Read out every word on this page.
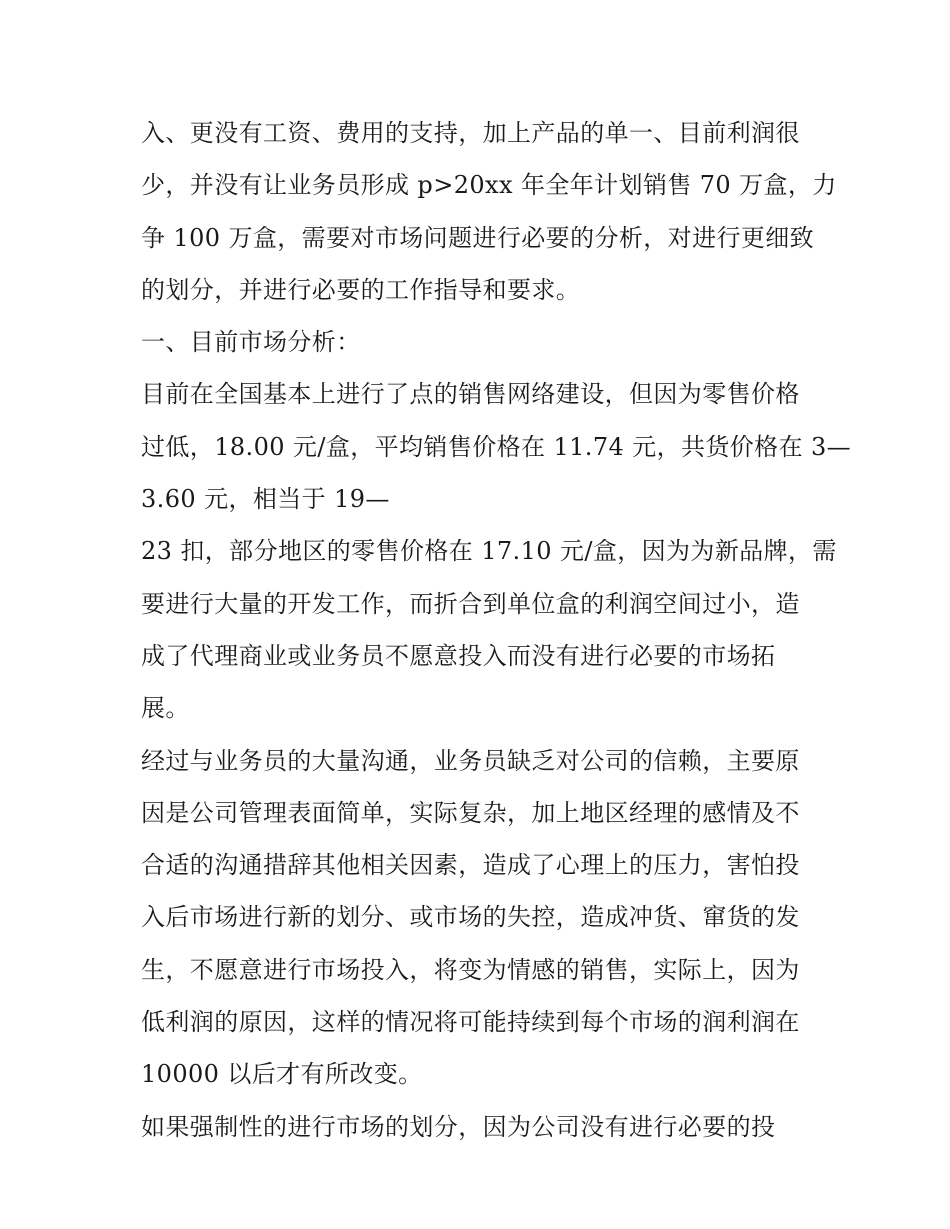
入、更没有工资、费用的支持，加上产品的单一、目前利润很
少，并没有让业务员形成 p>20xx 年全年计划销售 70 万盒，力
争 100 万盒，需要对市场问题进行必要的分析，对进行更细致
的划分，并进行必要的工作指导和要求。
一、目前市场分析：
目前在全国基本上进行了点的销售网络建设，但因为零售价格
过低，18.00 元/盒，平均销售价格在 11.74 元，共货价格在 3—
3.60 元，相当于 19—
23 扣，部分地区的零售价格在 17.10 元/盒，因为为新品牌，需
要进行大量的开发工作，而折合到单位盒的利润空间过小，造
成了代理商业或业务员不愿意投入而没有进行必要的市场拓
展。
经过与业务员的大量沟通，业务员缺乏对公司的信赖，主要原
因是公司管理表面简单，实际复杂，加上地区经理的感情及不
合适的沟通措辞其他相关因素，造成了心理上的压力，害怕投
入后市场进行新的划分、或市场的失控，造成冲货、窜货的发
生，不愿意进行市场投入，将变为情感的销售，实际上，因为
低利润的原因，这样的情况将可能持续到每个市场的润利润在
10000 以后才有所改变。
如果强制性的进行市场的划分，因为公司没有进行必要的投
